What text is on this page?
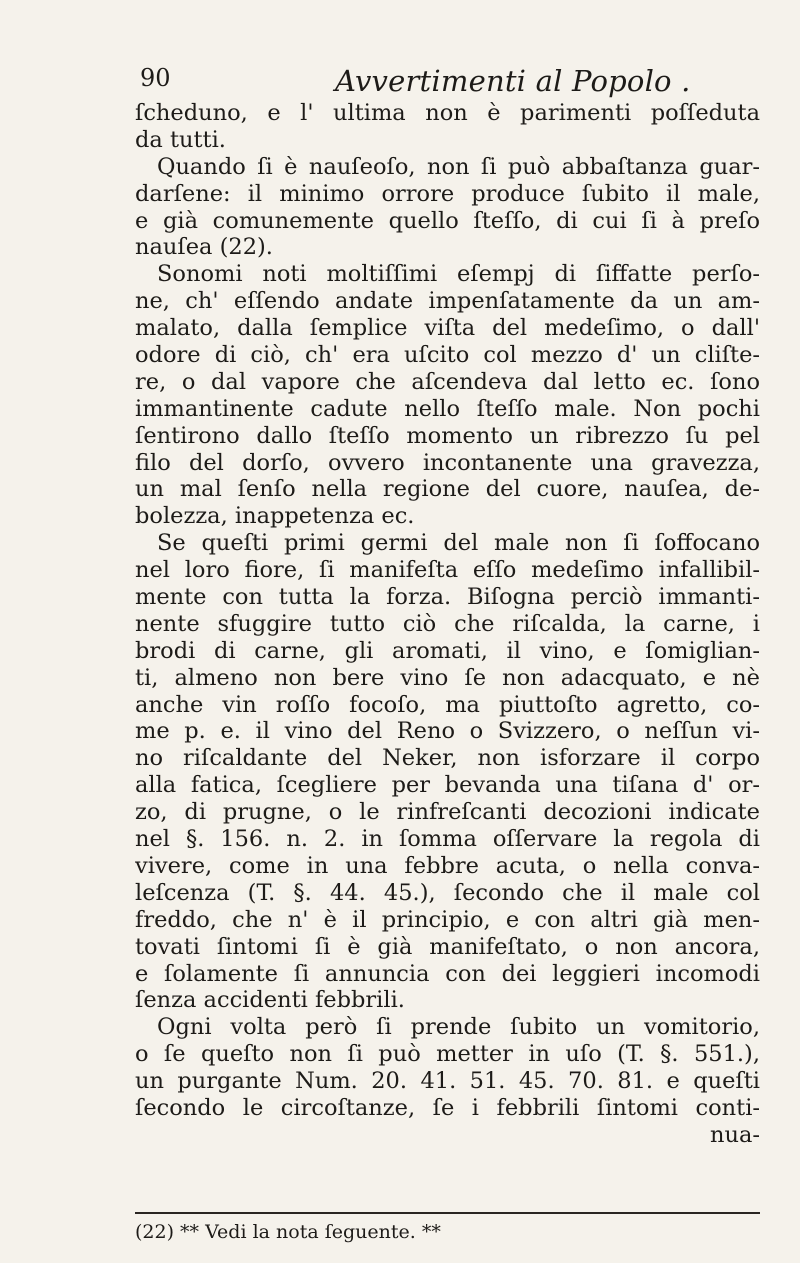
90	Avvertimenti al Popolo .
ſcheduno, e l' ultima non è parimenti poſſeduta
da tutti.
Quando ſi è nauſeoſo, non ſi può abbaſtanza guar-
darſene: il minimo orrore produce ſubito il male,
e già comunemente quello ſteſſo, di cui ſi à preſo
nauſea (22).
Sonomi noti moltiſſimi eſempj di ſiffatte perſo-
ne, ch' eſſendo andate impenſatamente da un am-
malato, dalla ſemplice viſta del medeſimo, o dall'
odore di ciò, ch' era uſcito col mezzo d' un cliſte-
re, o dal vapore che aſcendeva dal letto ec. ſono
immantinente cadute nello ſteſſo male. Non pochi
ſentirono dallo ſteſſo momento un ribrezzo ſu pel
filo del dorſo, ovvero incontanente una gravezza,
un mal ſenſo nella regione del cuore, nauſea, de-
bolezza, inappetenza ec.
Se queſti primi germi del male non ſi ſoffocano
nel loro fiore, ſi manifeſta eſſo medeſimo infallibil-
mente con tutta la forza. Biſogna perciò immanti-
nente sfuggire tutto ciò che riſcalda, la carne, i
brodi di carne, gli aromati, il vino, e ſomiglian-
ti, almeno non bere vino ſe non adacquato, e nè
anche vin roſſo focoſo, ma piuttoſto agretto, co-
me p. e. il vino del Reno o Svizzero, o neſſun vi-
no riſcaldante del Neker, non isforzare il corpo
alla fatica, ſcegliere per bevanda una tiſana d' or-
zo, di prugne, o le rinfreſcanti decozioni indicate
nel §. 156. n. 2. in ſomma oſſervare la regola di
vivere, come in una febbre acuta, o nella conva-
leſcenza (T. §. 44. 45.), ſecondo che il male col
freddo, che n' è il principio, e con altri già men-
tovati ſintomi ſi è già manifeſtato, o non ancora,
e ſolamente ſi annuncia con dei leggieri incomodi
ſenza accidenti febbrili.
Ogni volta però ſi prende ſubito un vomitorio,
o ſe queſto non ſi può metter in uſo (T. §. 551.),
un purgante Num. 20. 41. 51. 45. 70. 81. e queſti
ſecondo le circoſtanze, ſe i febbrili ſintomi conti-
nua-
(22) ** Vedi la nota ſeguente. **
